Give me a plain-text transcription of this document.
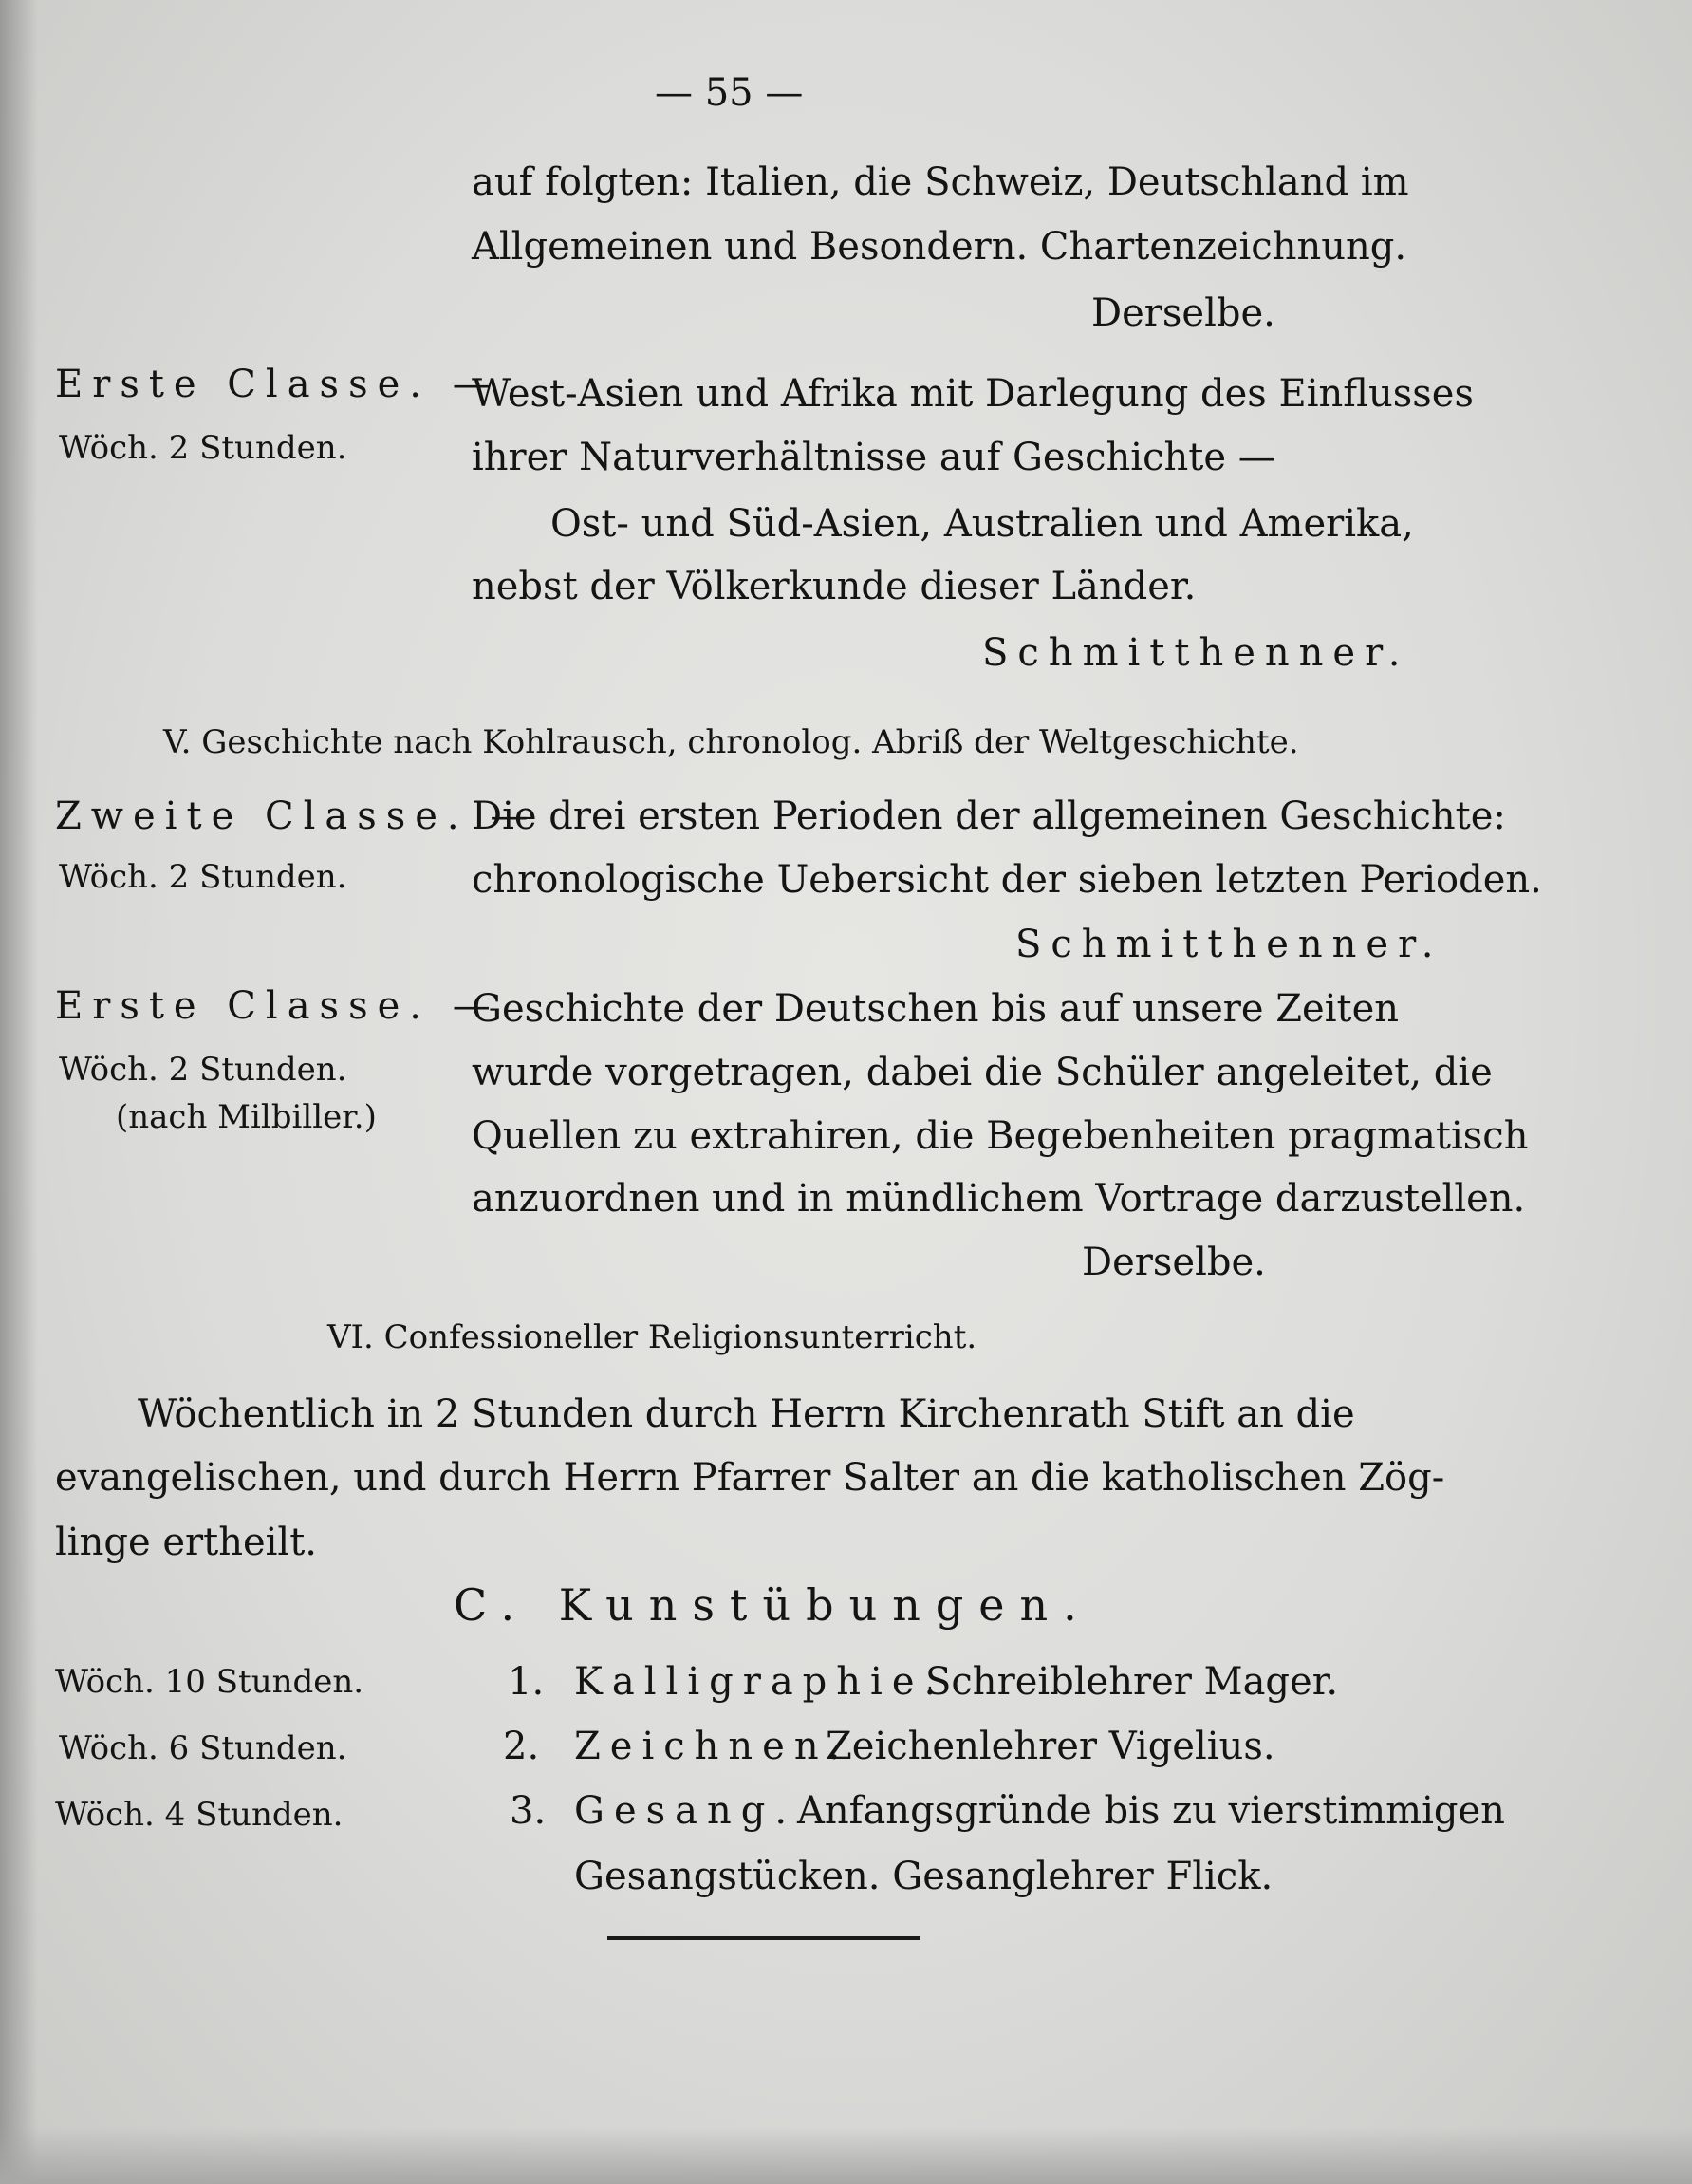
— 55 —
auf folgten: Italien, die Schweiz, Deutschland im
Allgemeinen und Besondern. Chartenzeichnung.
Derselbe.
Erste Classe. —
Wöch. 2 Stunden.
West-Asien und Afrika mit Darlegung des Einflusses
ihrer Naturverhältnisse auf Geschichte —
Ost- und Süd-Asien, Australien und Amerika,
nebst der Völkerkunde dieser Länder.
Schmitthenner.
V. Geschichte nach Kohlrausch, chronolog. Abriß der Weltgeschichte.
Zweite Classe. —
Wöch. 2 Stunden.
Die drei ersten Perioden der allgemeinen Geschichte:
chronologische Uebersicht der sieben letzten Perioden.
Schmitthenner.
Erste Classe. —
Wöch. 2 Stunden.
(nach Milbiller.)
Geschichte der Deutschen bis auf unsere Zeiten
wurde vorgetragen, dabei die Schüler angeleitet, die
Quellen zu extrahiren, die Begebenheiten pragmatisch
anzuordnen und in mündlichem Vortrage darzustellen.
Derselbe.
VI. Confessioneller Religionsunterricht.
Wöchentlich in 2 Stunden durch Herrn Kirchenrath Stift an die
evangelischen, und durch Herrn Pfarrer Salter an die katholischen Zög-
linge ertheilt.
C. Kunstübungen.
Wöch. 10 Stunden.	1. Kalligraphie.
Schreiblehrer Mager.
Wöch. 6 Stunden.	2. Zeichnen.
Zeichenlehrer Vigelius.
Wöch. 4 Stunden.	3. Gesang. Anfangsgründe bis zu vierstimmigen
Gesangstücken. Gesanglehrer Flick.
